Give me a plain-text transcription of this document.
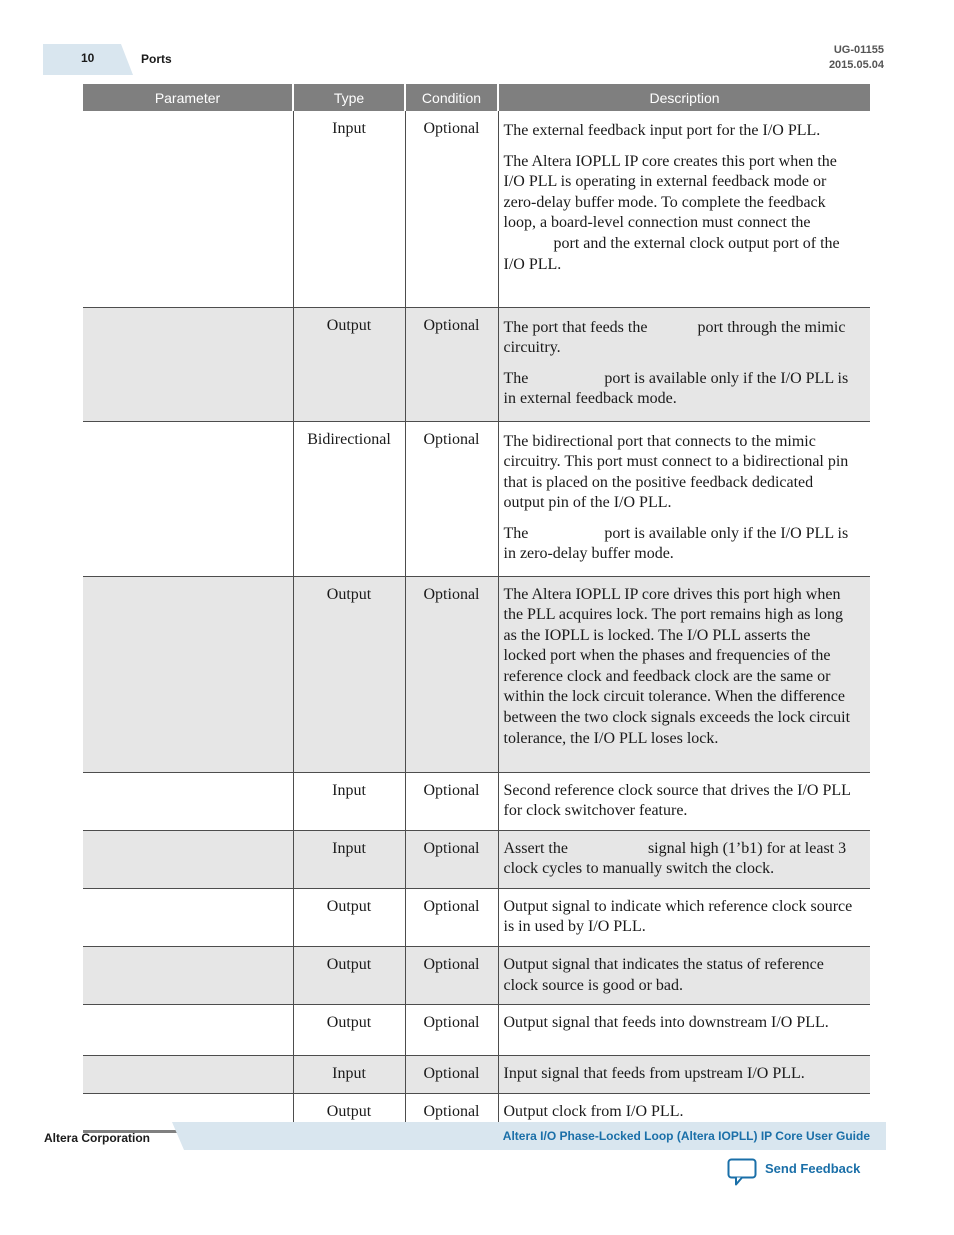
10	Ports
UG-01155
2015.05.04
Parameter	Type	Condition	Description
	Input	Optional	The external feedback input port for the I/O PLL.

The Altera IOPLL IP core creates this port when the I/O PLL is operating in external feedback mode or zero-delay buffer mode. To complete the feedback loop, a board-level connection must connect theport and the external clock output port of the I/O PLL.

	Output	Optional	The port that feeds the port through the mimic circuitry.

The port is available only if the I/O PLL is in external feedback mode.

	Bidirectional	Optional	The bidirectional port that connects to the mimic circuitry. This port must connect to a bidirectional pin that is placed on the positive feedback dedicated output pin of the I/O PLL.

The port is available only if the I/O PLL is in zero-delay buffer mode.

	Output	Optional	The Altera IOPLL IP core drives this port high when the PLL acquires lock. The port remains high as long as the IOPLL is locked. The I/O PLL asserts the locked port when the phases and frequencies of the reference clock and feedback clock are the same or within the lock circuit tolerance. When the difference between the two clock signals exceeds the lock circuit tolerance, the I/O PLL loses lock.

	Input	Optional	Second reference clock source that drives the I/O PLL for clock switchover feature.

	Input	Optional	Assert the signal high (1’b1) for at least 3 clock cycles to manually switch the clock.

	Output	Optional	Output signal to indicate which reference clock source is in used by I/O PLL.

	Output	Optional	Output signal that indicates the status of reference clock source is good or bad.

	Output	Optional	Output signal that feeds into downstream I/O PLL.

	Input	Optional	Input signal that feeds from upstream I/O PLL.

	Output	Optional	Output clock from I/O PLL.

Altera Corporation	Altera I/O Phase-Locked Loop (Altera IOPLL) IP Core User Guide
Send Feedback
